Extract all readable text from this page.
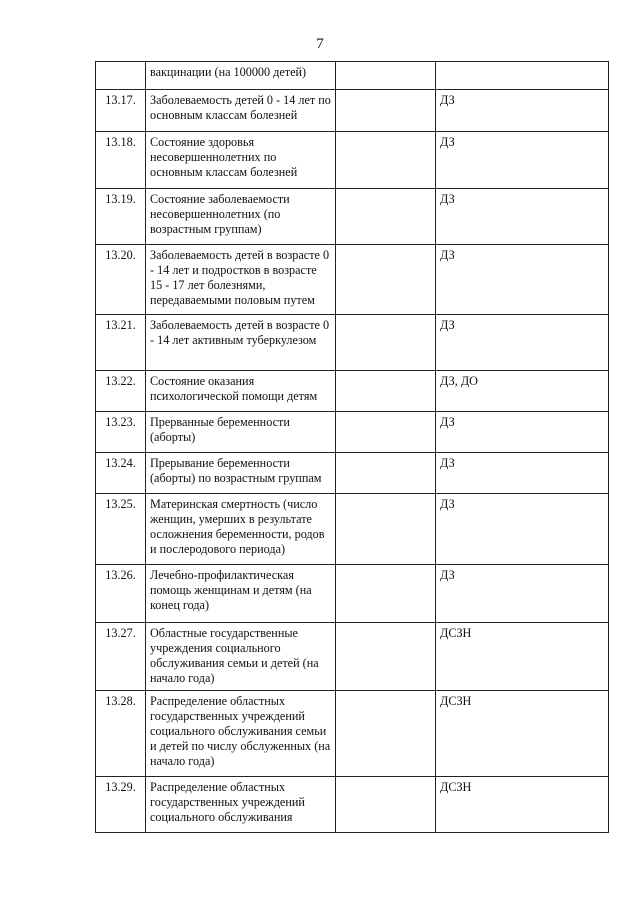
7
	вакцинации (на 100000 детей)		
13.17.	Заболеваемость детей 0 - 14 лет по основным классам болезней		ДЗ
13.18.	Состояние здоровья несовершеннолетних по основным классам болезней		ДЗ
13.19.	Состояние заболеваемости несовершеннолетних (по возрастным группам)		ДЗ
13.20.	Заболеваемость детей в возрасте 0 - 14 лет и подростков в возрасте 15 - 17 лет болезнями, передаваемыми половым путем		ДЗ
13.21.	Заболеваемость детей в возрасте 0 - 14 лет активным туберкулезом		ДЗ
13.22.	Состояние оказания психологической помощи детям		ДЗ, ДО
13.23.	Прерванные беременности (аборты)		ДЗ
13.24.	Прерывание беременности (аборты) по возрастным группам		ДЗ
13.25.	Материнская смертность (число женщин, умерших в результате осложнения беременности, родов и послеродового периода)		ДЗ
13.26.	Лечебно-профилактическая помощь женщинам и детям (на конец года)		ДЗ
13.27.	Областные государственные учреждения социального обслуживания семьи и детей (на начало года)		ДСЗН
13.28.	Распределение областных государственных учреждений социального обслуживания семьи и детей по числу обслуженных (на начало года)		ДСЗН
13.29.	Распределение областных государственных учреждений социального обслуживания		ДСЗН
